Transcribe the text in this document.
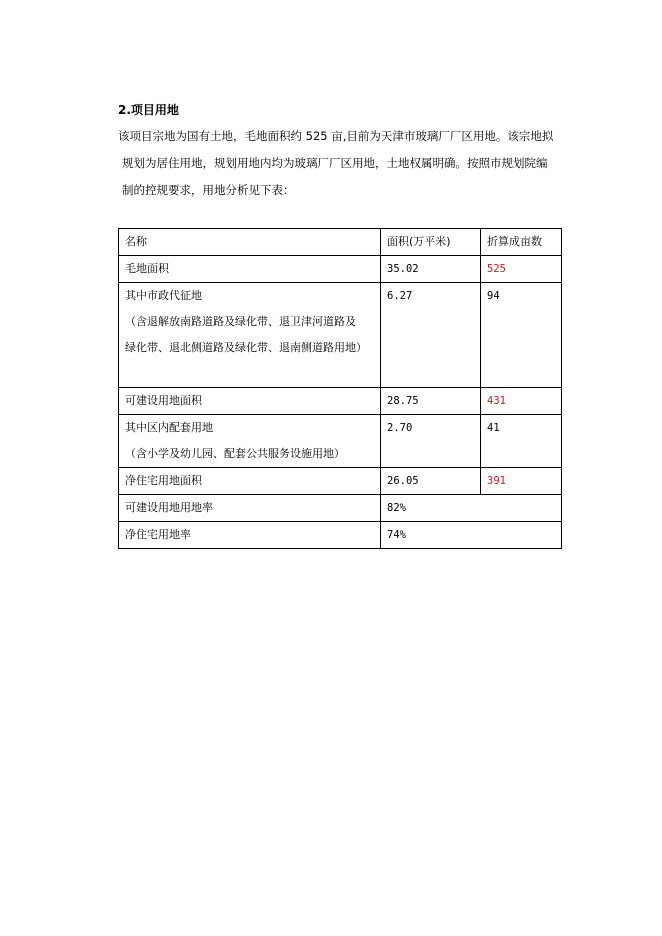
2.项目用地
该项目宗地为国有土地，毛地面积约 525 亩,目前为天津市玻璃厂厂区用地。该宗地拟
规划为居住用地，规划用地内均为玻璃厂厂区用地，土地权属明确。按照市规划院编
制的控规要求，用地分析见下表：
名称	面积(万平米)	折算成亩数

毛地面积	35.02	525

其中市政代征地
（含退解放南路道路及绿化带、退卫津河道路及
绿化带、退北侧道路及绿化带、退南侧道路用地）	6.27	94

可建设用地面积	28.75	431

其中区内配套用地
（含小学及幼儿园、配套公共服务设施用地）	2.70	41

净住宅用地面积	26.05	391

可建设用地用地率	82%	

净住宅用地率	74%	
